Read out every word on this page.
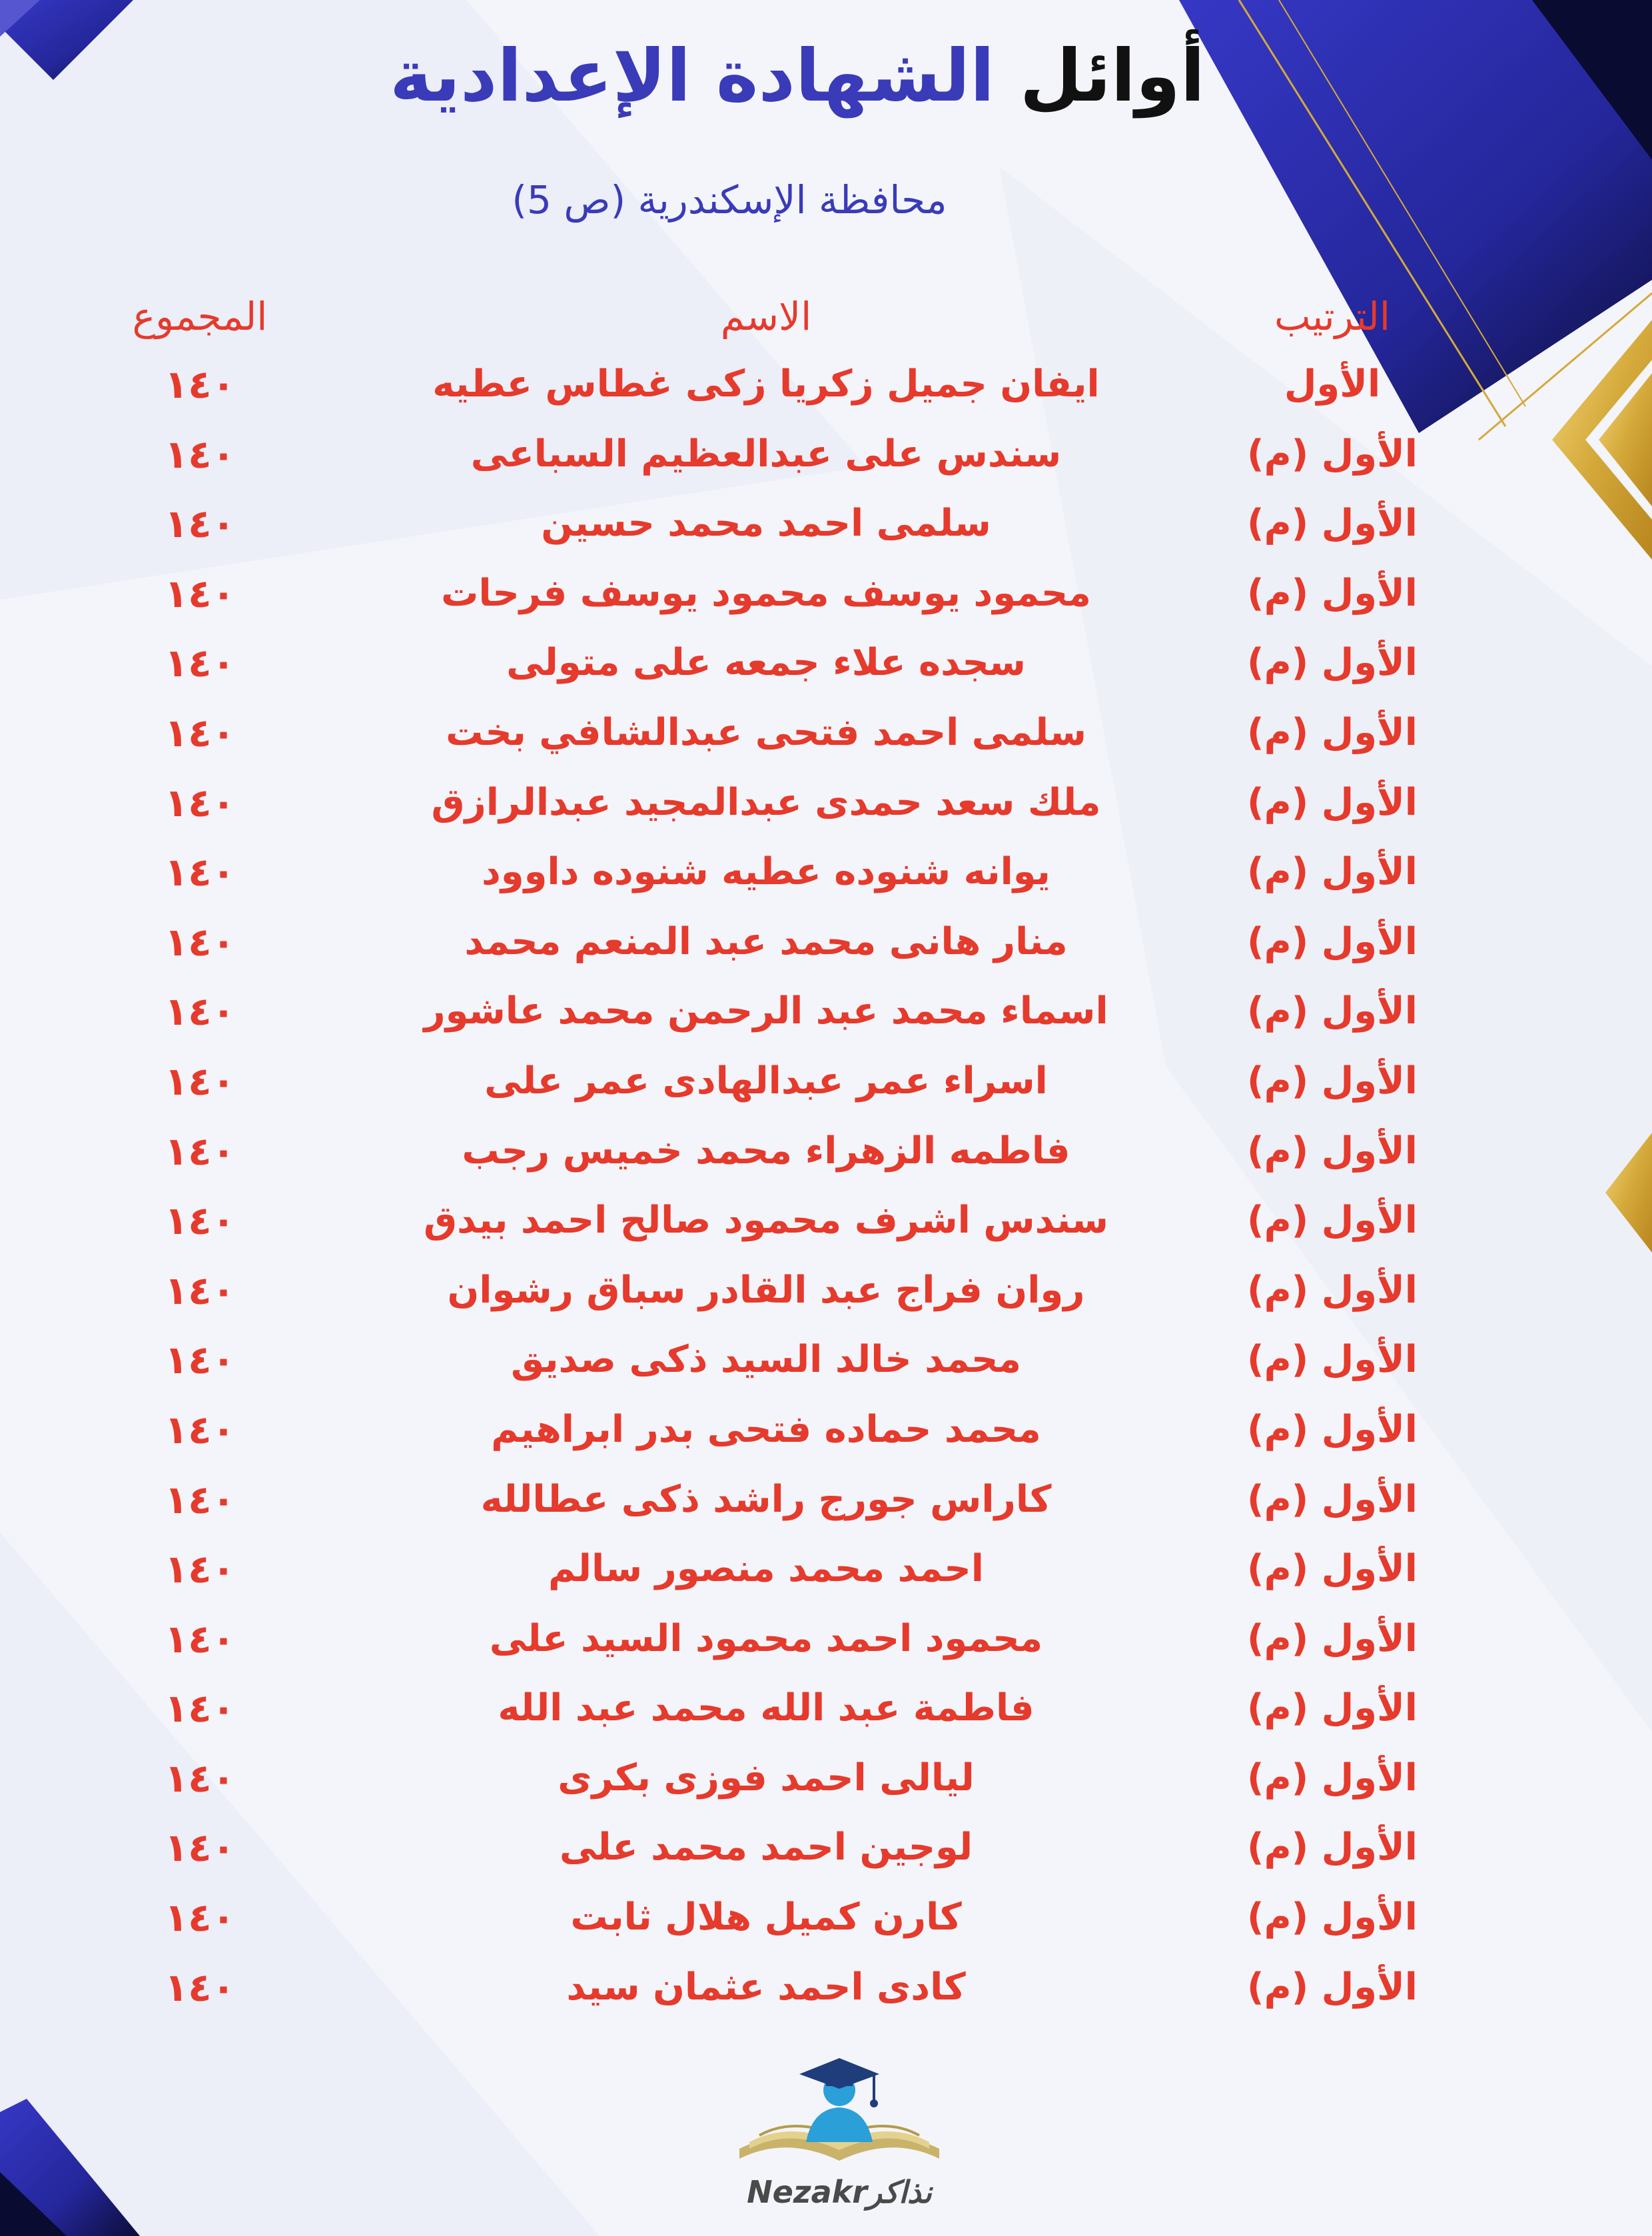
أوائل الشهادة الإعدادية
محافظة الإسكندرية (ص 5)
الترتيب
الاسم
المجموع
الأول
ايفان جميل زكريا زكى غطاس عطيه
١٤٠
الأول (م)
سندس على عبدالعظيم السباعى
١٤٠
الأول (م)
سلمى احمد محمد حسين
١٤٠
الأول (م)
محمود يوسف محمود يوسف فرحات
١٤٠
الأول (م)
سجده علاء جمعه على متولى
١٤٠
الأول (م)
سلمى احمد فتحى عبدالشافي بخت
١٤٠
الأول (م)
ملك سعد حمدى عبدالمجيد عبدالرازق
١٤٠
الأول (م)
يوانه شنوده عطيه شنوده داوود
١٤٠
الأول (م)
منار هانى محمد عبد المنعم محمد
١٤٠
الأول (م)
اسماء محمد عبد الرحمن محمد عاشور
١٤٠
الأول (م)
اسراء عمر عبدالهادى عمر على
١٤٠
الأول (م)
فاطمه الزهراء محمد خميس رجب
١٤٠
الأول (م)
سندس اشرف محمود صالح احمد بيدق
١٤٠
الأول (م)
روان فراج عبد القادر سباق رشوان
١٤٠
الأول (م)
محمد خالد السيد ذكى صديق
١٤٠
الأول (م)
محمد حماده فتحى بدر ابراهيم
١٤٠
الأول (م)
كاراس جورج راشد ذكى عطالله
١٤٠
الأول (م)
احمد محمد منصور سالم
١٤٠
الأول (م)
محمود احمد محمود السيد على
١٤٠
الأول (م)
فاطمة عبد الله محمد عبد الله
١٤٠
الأول (م)
ليالى احمد فوزى بكرى
١٤٠
الأول (م)
لوجين احمد محمد على
١٤٠
الأول (م)
كارن كميل هلال ثابت
١٤٠
الأول (م)
كادى احمد عثمان سيد
١٤٠
Nezakrنذاكر
